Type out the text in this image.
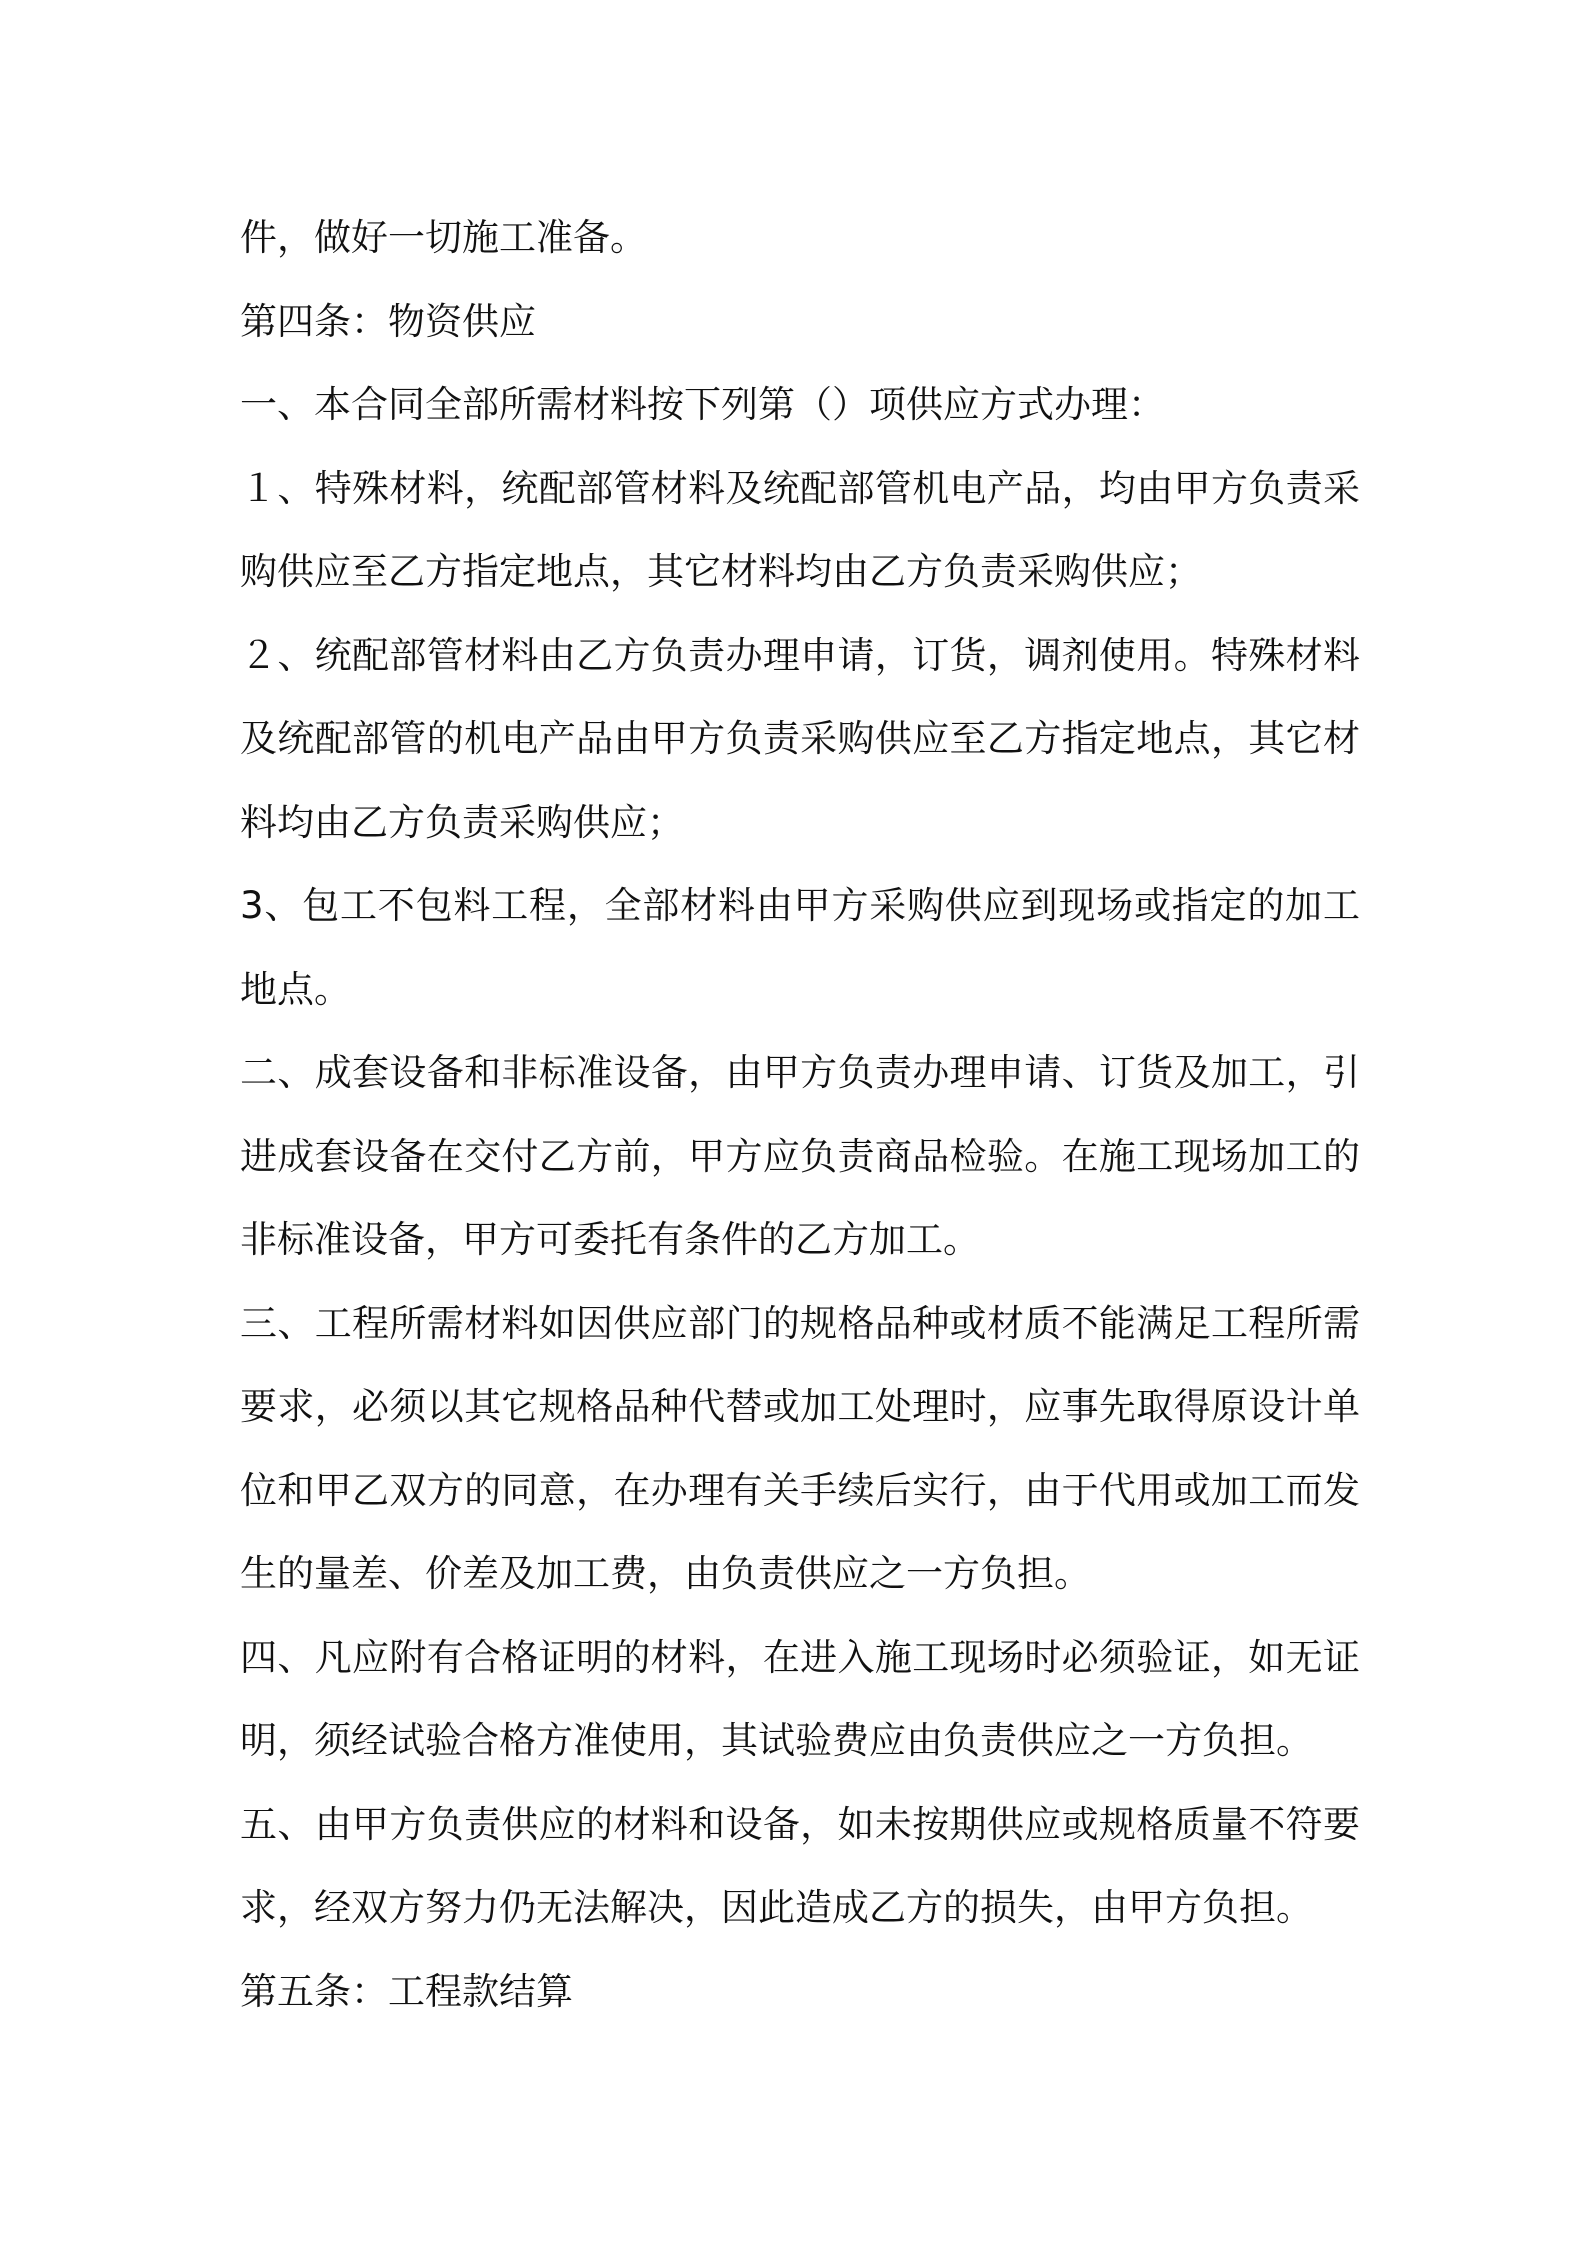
件，做好一切施工准备。
第四条：物资供应
一、本合同全部所需材料按下列第（）项供应方式办理：
１、特殊材料，统配部管材料及统配部管机电产品，均由甲方负责采
购供应至乙方指定地点，其它材料均由乙方负责采购供应；
２、统配部管材料由乙方负责办理申请，订货，调剂使用。特殊材料
及统配部管的机电产品由甲方负责采购供应至乙方指定地点，其它材
料均由乙方负责采购供应；
3、包工不包料工程，全部材料由甲方采购供应到现场或指定的加工
地点。
二、成套设备和非标准设备，由甲方负责办理申请、订货及加工，引
进成套设备在交付乙方前，甲方应负责商品检验。在施工现场加工的
非标准设备，甲方可委托有条件的乙方加工。
三、工程所需材料如因供应部门的规格品种或材质不能满足工程所需
要求，必须以其它规格品种代替或加工处理时，应事先取得原设计单
位和甲乙双方的同意，在办理有关手续后实行，由于代用或加工而发
生的量差、价差及加工费，由负责供应之一方负担。
四、凡应附有合格证明的材料，在进入施工现场时必须验证，如无证
明，须经试验合格方准使用，其试验费应由负责供应之一方负担。
五、由甲方负责供应的材料和设备，如未按期供应或规格质量不符要
求，经双方努力仍无法解决，因此造成乙方的损失，由甲方负担。
第五条：工程款结算
